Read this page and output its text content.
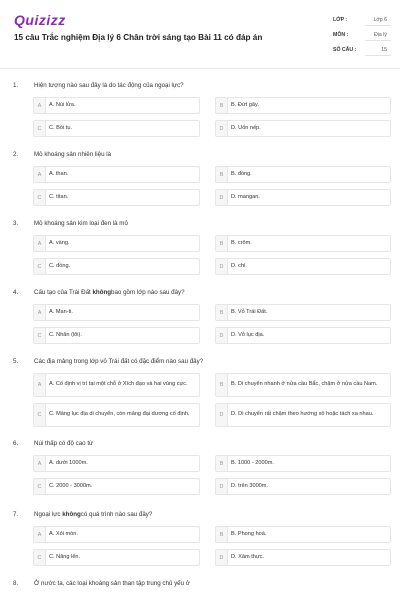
Quizizz
15 câu Trắc nghiệm Địa lý 6 Chân trời sáng tạo Bài 11 có đáp án
LỚP :	Lớp 6
MÔN :	Địa lý
SỐ CÂU :	15
1.	Hiện tượng nào sau đây là do tác động của ngoại lực?
A	A. Núi lửa.	B	B. Đứt gãy.
C	C. Bồi tụ.	D	D. Uốn nếp.
2.	Mỏ khoáng sản nhiên liệu là
A	A. than.	B	B. đồng.
C	C. titan.	D	D. mangan.
3.	Mỏ khoáng sản kim loại đen là mỏ
A	A. vàng.	B	B. crôm.
C	C. đồng.	D	D. chì.
4.	Cấu tạo của Trái Đất khôngbao gồm lớp nào sau đây?
A	A. Man-ti.	B	B. Vỏ Trái Đất.
C	C. Nhân (lõi).	D	D. Vỏ lục địa.
5.	Các địa mảng trong lớp vỏ Trái đất có đặc điểm nào sau đây?
A	A. Cố định vị trí tại một chỗ ở Xích đạo và hai vùng cực.	B	B. Di chuyển nhanh ở nửa cầu Bắc, chậm ở nửa cầu Nam.
C	C. Mảng lục địa di chuyển, còn mảng đại dương cố định.	D	D. Di chuyển rất chậm theo hướng xô hoặc tách xa nhau.
6.	Núi thấp có độ cao từ
A	A. dưới 1000m.	B	B. 1000 - 2000m.
C	C. 2000 - 3000m.	D	D. trên 3000m.
7.	Ngoại lực khôngcó quá trình nào sau đây?
A	A. Xói mòn.	B	B. Phong hoá.
C	C. Nâng lên.	D	D. Xâm thực.
8.	Ở nước ta, các loại khoáng sản than tập trung chủ yếu ở
